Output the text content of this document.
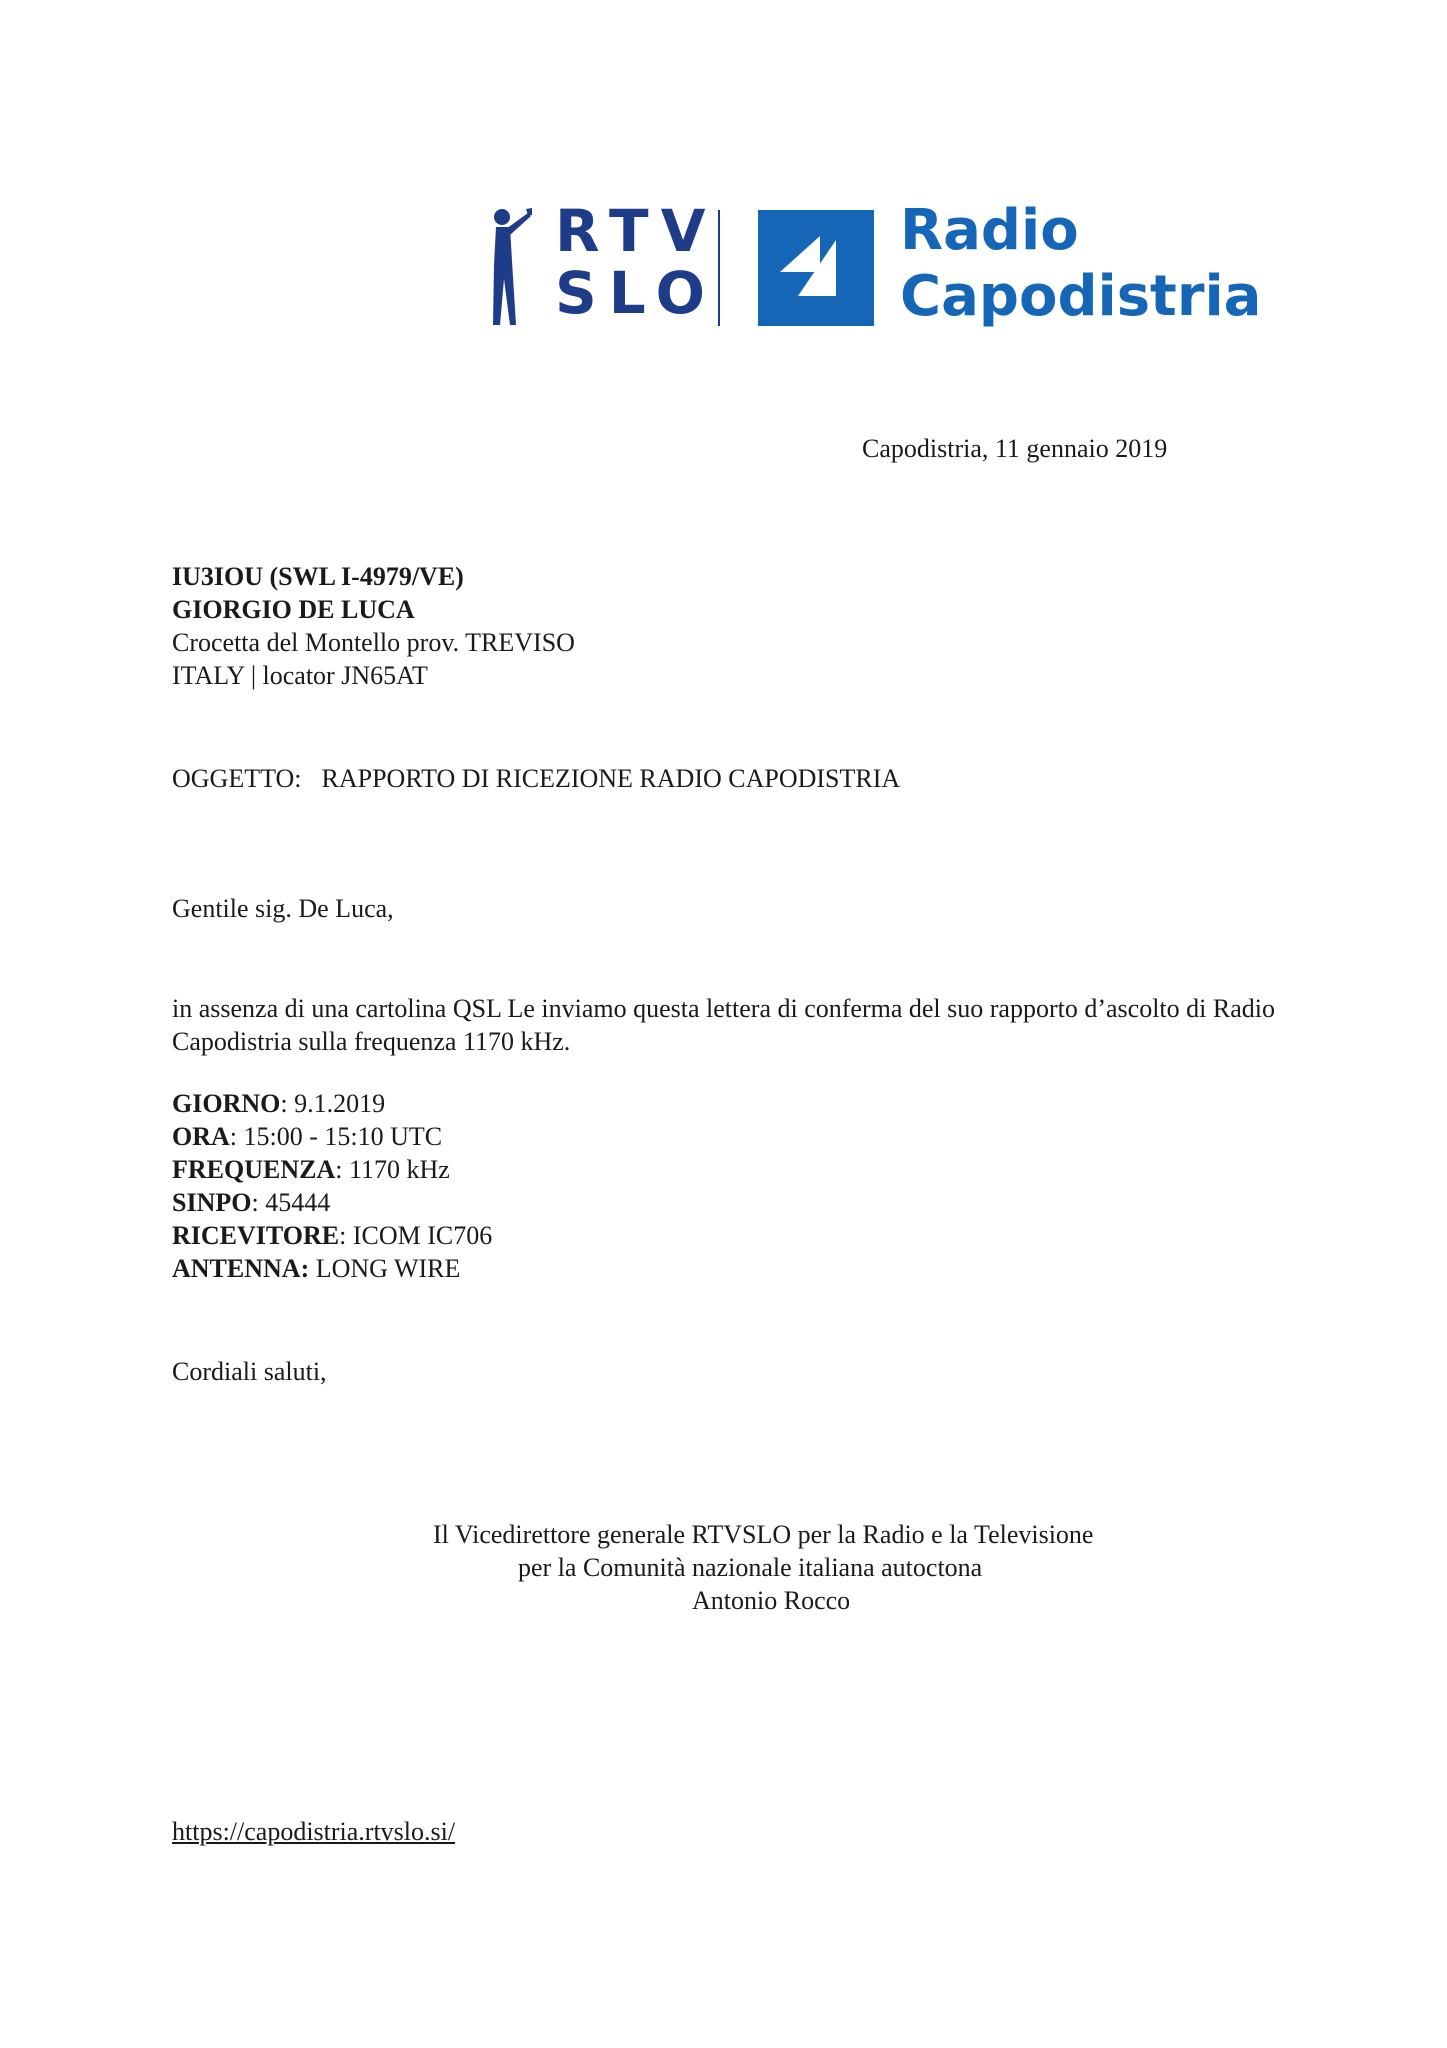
RTV
SLO
Radio
Capodistria
Capodistria, 11 gennaio 2019
IU3IOU (SWL I-4979/VE)
GIORGIO DE LUCA
Crocetta del Montello prov. TREVISO
ITALY | locator JN65AT
OGGETTO: RAPPORTO DI RICEZIONE RADIO CAPODISTRIA
Gentile sig. De Luca,
in assenza di una cartolina QSL Le inviamo questa lettera di conferma del suo rapporto d’ascolto di Radio Capodistria sulla frequenza 1170 kHz.
GIORNO: 9.1.2019
ORA: 15:00 - 15:10 UTC
FREQUENZA: 1170 kHz
SINPO: 45444
RICEVITORE: ICOM IC706
ANTENNA: LONG WIRE
Cordiali saluti,
Il Vicedirettore generale RTVSLO per la Radio e la Televisione
per la Comunità nazionale italiana autoctona
Antonio Rocco
https://capodistria.rtvslo.si/
